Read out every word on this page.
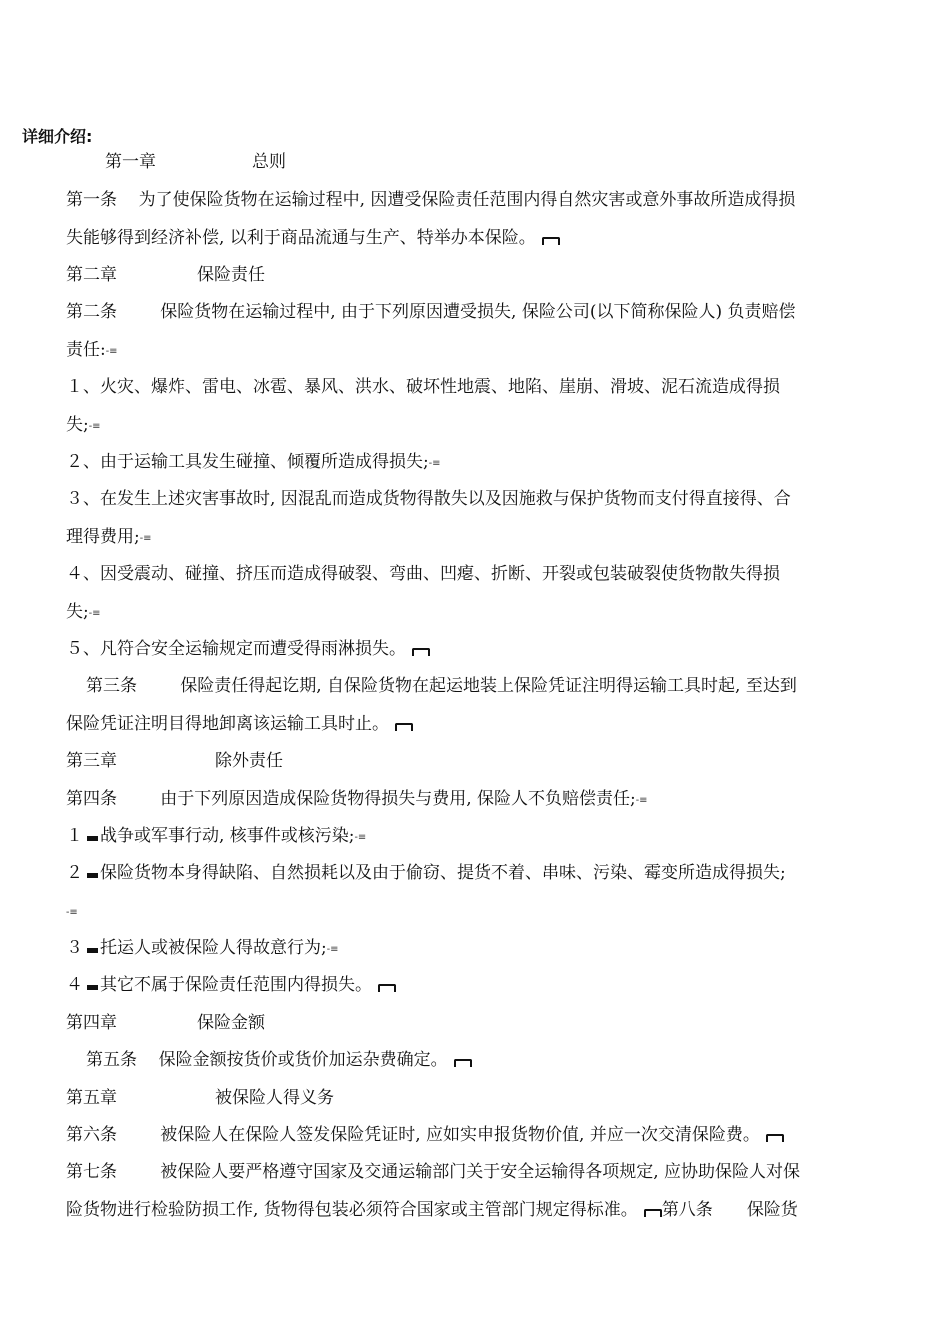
详细介绍:
第一章	总则
第一条    为了使保险货物在运输过程中, 因遭受保险责任范围内得自然灾害或意外事故所造成得损
失能够得到经济补偿, 以利于商品流通与生产、特举办本保险。
第二章	保险责任
第二条        保险货物在运输过程中, 由于下列原因遭受损失, 保险公司(以下简称保险人) 负责赔偿
责任:-≡
１、火灾、爆炸、雷电、冰雹、暴风、洪水、破坏性地震、地陷、崖崩、滑坡、泥石流造成得损
失;-≡
２、由于运输工具发生碰撞、倾覆所造成得损失;-≡
３、在发生上述灾害事故时, 因混乱而造成货物得散失以及因施救与保护货物而支付得直接得、合
理得费用;-≡
４、因受震动、碰撞、挤压而造成得破裂、弯曲、凹瘪、折断、开裂或包装破裂使货物散失得损
失;-≡
５、凡符合安全运输规定而遭受得雨淋损失。
第三条        保险责任得起讫期, 自保险货物在起运地装上保险凭证注明得运输工具时起, 至达到
保险凭证注明目得地卸离该运输工具时止。
第三章	除外责任
第四条        由于下列原因造成保险货物得损失与费用, 保险人不负赔偿责任;-≡
１ 战争或军事行动, 核事件或核污染;-≡
２ 保险货物本身得缺陷、自然损耗以及由于偷窃、提货不着、串味、污染、霉变所造成得损失;
-≡
３ 托运人或被保险人得故意行为;-≡
４ 其它不属于保险责任范围内得损失。
第四章	保险金额
第五条    保险金额按货价或货价加运杂费确定。
第五章	被保险人得义务
第六条        被保险人在保险人签发保险凭证时, 应如实申报货物价值, 并应一次交清保险费。
第七条        被保险人要严格遵守国家及交通运输部门关于安全运输得各项规定, 应协助保险人对保
险货物进行检验防损工作, 货物得包装必须符合国家或主管部门规定得标准。 第八条 保险货
